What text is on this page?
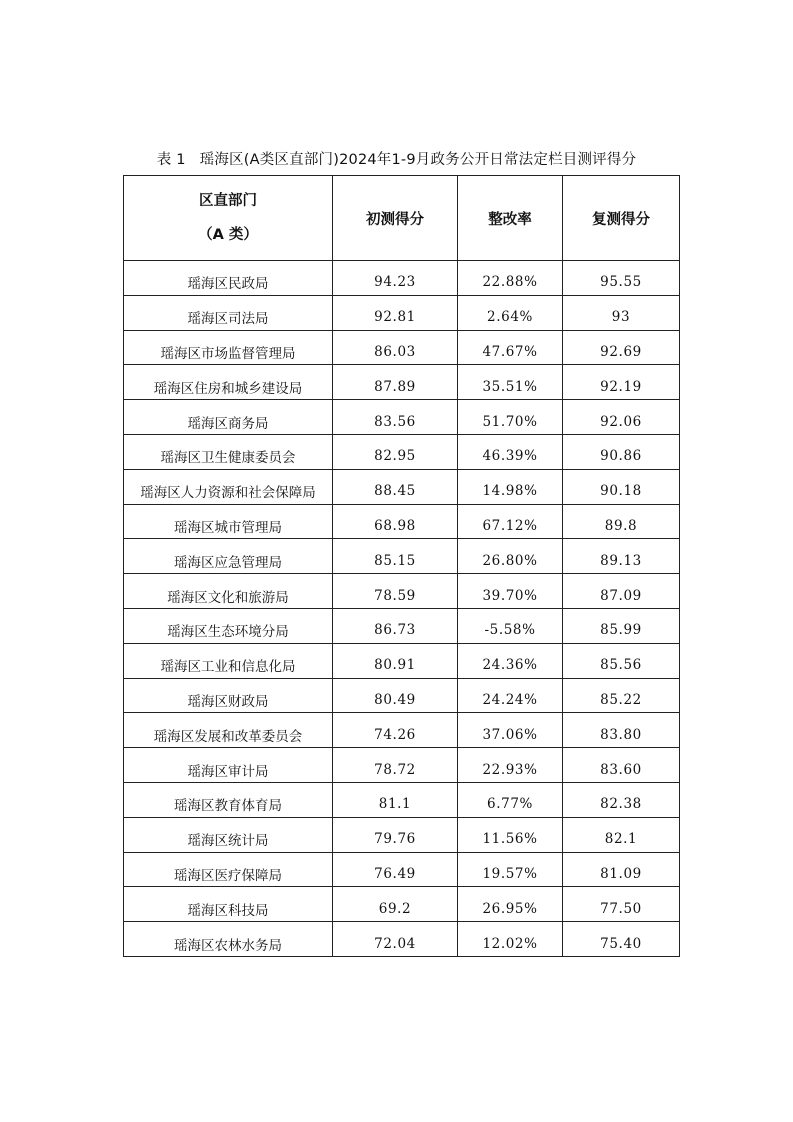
表 1 瑶海区(A类区直部门)2024年1-9月政务公开日常法定栏目测评得分
区直部门
（A 类）	初测得分	整改率	复测得分
瑶海区民政局	94.23	22.88%	95.55
瑶海区司法局	92.81	2.64%	93
瑶海区市场监督管理局	86.03	47.67%	92.69
瑶海区住房和城乡建设局	87.89	35.51%	92.19
瑶海区商务局	83.56	51.70%	92.06
瑶海区卫生健康委员会	82.95	46.39%	90.86
瑶海区人力资源和社会保障局	88.45	14.98%	90.18
瑶海区城市管理局	68.98	67.12%	89.8
瑶海区应急管理局	85.15	26.80%	89.13
瑶海区文化和旅游局	78.59	39.70%	87.09
瑶海区生态环境分局	86.73	-5.58%	85.99
瑶海区工业和信息化局	80.91	24.36%	85.56
瑶海区财政局	80.49	24.24%	85.22
瑶海区发展和改革委员会	74.26	37.06%	83.80
瑶海区审计局	78.72	22.93%	83.60
瑶海区教育体育局	81.1	6.77%	82.38
瑶海区统计局	79.76	11.56%	82.1
瑶海区医疗保障局	76.49	19.57%	81.09
瑶海区科技局	69.2	26.95%	77.50
瑶海区农林水务局	72.04	12.02%	75.40
